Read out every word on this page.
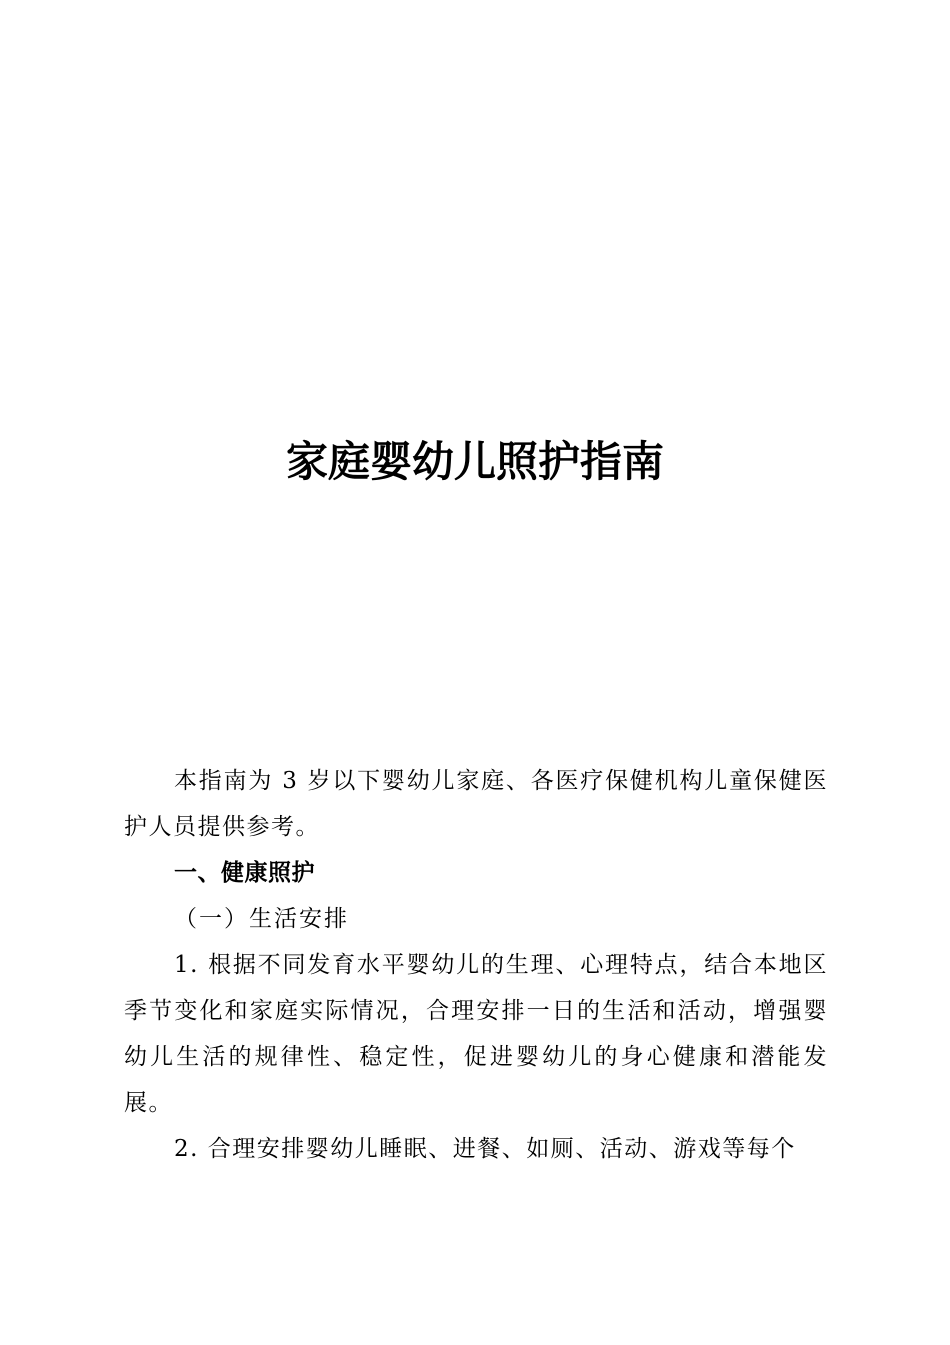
家庭婴幼儿照护指南

本指南为 3 岁以下婴幼儿家庭、各医疗保健机构儿童保健医护人员提供参考。

一、健康照护

（一）生活安排

1. 根据不同发育水平婴幼儿的生理、心理特点，结合本地区季节变化和家庭实际情况，合理安排一日的生活和活动，增强婴幼儿生活的规律性、稳定性，促进婴幼儿的身心健康和潜能发展。

2. 合理安排婴幼儿睡眠、进餐、如厕、活动、游戏等每个
